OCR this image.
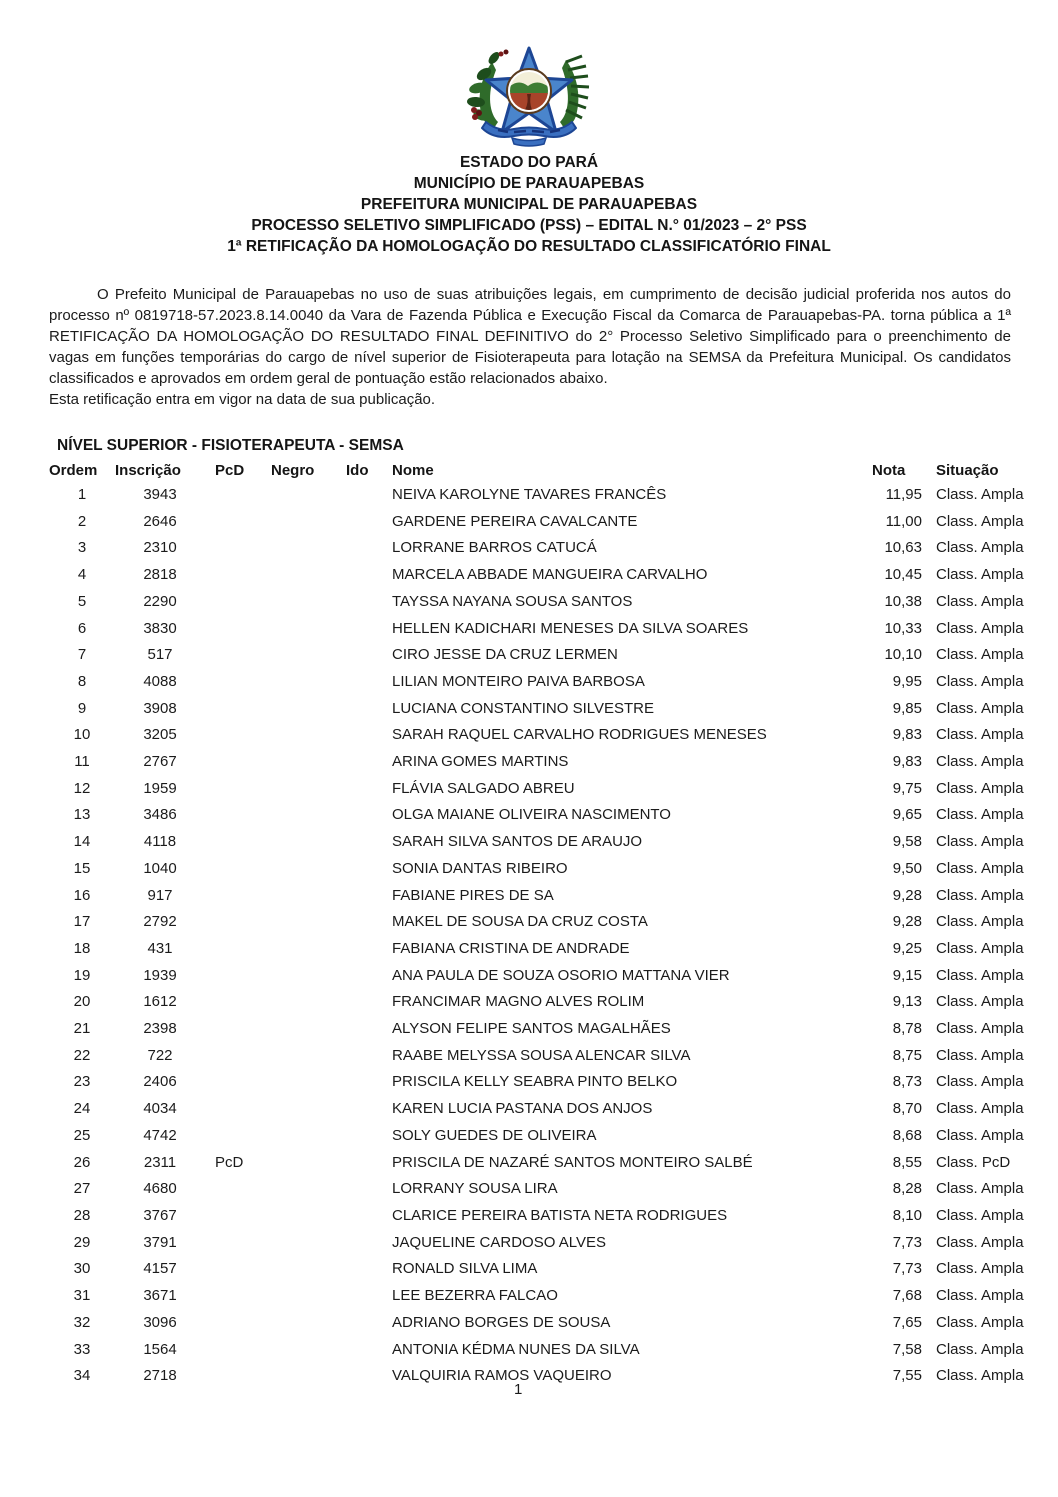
ESTADO DO PARÁ
MUNICÍPIO DE PARAUAPEBAS
PREFEITURA MUNICIPAL DE PARAUAPEBAS
PROCESSO SELETIVO SIMPLIFICADO (PSS) – EDITAL N.° 01/2023 – 2° PSS
1ª RETIFICAÇÃO DA HOMOLOGAÇÃO DO RESULTADO CLASSIFICATÓRIO FINAL

O Prefeito Municipal de Parauapebas no uso de suas atribuições legais, em cumprimento de decisão judicial proferida nos autos do processo nº 0819718-57.2023.8.14.0040 da Vara de Fazenda Pública e Execução Fiscal da Comarca de Parauapebas-PA. torna pública a 1ª RETIFICAÇÃO DA HOMOLOGAÇÃO DO RESULTADO FINAL DEFINITIVO do 2° Processo Seletivo Simplificado para o preenchimento de vagas em funções temporárias do cargo de nível superior de Fisioterapeuta para lotação na SEMSA da Prefeitura Municipal. Os candidatos classificados e aprovados em ordem geral de pontuação estão relacionados abaixo.

Esta retificação entra em vigor na data de sua publicação.

NÍVEL SUPERIOR - FISIOTERAPEUTA - SEMSA
Ordem	Inscrição	PcD	Negro	Ido	Nome	Nota	Situação
1	3943				NEIVA KAROLYNE TAVARES FRANCÊS	11,95	Class. Ampla
2	2646				GARDENE PEREIRA CAVALCANTE	11,00	Class. Ampla
3	2310				LORRANE BARROS CATUCÁ	10,63	Class. Ampla
4	2818				MARCELA ABBADE MANGUEIRA CARVALHO	10,45	Class. Ampla
5	2290				TAYSSA NAYANA SOUSA SANTOS	10,38	Class. Ampla
6	3830				HELLEN KADICHARI MENESES DA SILVA SOARES	10,33	Class. Ampla
7	517				CIRO JESSE DA CRUZ LERMEN	10,10	Class. Ampla
8	4088				LILIAN MONTEIRO PAIVA BARBOSA	9,95	Class. Ampla
9	3908				LUCIANA CONSTANTINO SILVESTRE	9,85	Class. Ampla
10	3205				SARAH RAQUEL CARVALHO RODRIGUES MENESES	9,83	Class. Ampla
11	2767				ARINA GOMES MARTINS	9,83	Class. Ampla
12	1959				FLÁVIA SALGADO ABREU	9,75	Class. Ampla
13	3486				OLGA MAIANE OLIVEIRA NASCIMENTO	9,65	Class. Ampla
14	4118				SARAH SILVA SANTOS DE ARAUJO	9,58	Class. Ampla
15	1040				SONIA DANTAS RIBEIRO	9,50	Class. Ampla
16	917				FABIANE PIRES DE SA	9,28	Class. Ampla
17	2792				MAKEL DE SOUSA DA CRUZ COSTA	9,28	Class. Ampla
18	431				FABIANA CRISTINA DE ANDRADE	9,25	Class. Ampla
19	1939				ANA PAULA DE SOUZA OSORIO MATTANA VIER	9,15	Class. Ampla
20	1612				FRANCIMAR MAGNO ALVES ROLIM	9,13	Class. Ampla
21	2398				ALYSON FELIPE SANTOS MAGALHÃES	8,78	Class. Ampla
22	722				RAABE MELYSSA SOUSA ALENCAR SILVA	8,75	Class. Ampla
23	2406				PRISCILA KELLY SEABRA PINTO BELKO	8,73	Class. Ampla
24	4034				KAREN LUCIA PASTANA DOS ANJOS	8,70	Class. Ampla
25	4742				SOLY GUEDES DE OLIVEIRA	8,68	Class. Ampla
26	2311	PcD			PRISCILA DE NAZARÉ SANTOS MONTEIRO SALBÉ	8,55	Class. PcD
27	4680				LORRANY SOUSA LIRA	8,28	Class. Ampla
28	3767				CLARICE PEREIRA BATISTA NETA RODRIGUES	8,10	Class. Ampla
29	3791				JAQUELINE CARDOSO ALVES	7,73	Class. Ampla
30	4157				RONALD SILVA LIMA	7,73	Class. Ampla
31	3671				LEE BEZERRA FALCAO	7,68	Class. Ampla
32	3096				ADRIANO BORGES DE SOUSA	7,65	Class. Ampla
33	1564				ANTONIA KÉDMA NUNES DA SILVA	7,58	Class. Ampla
34	2718				VALQUIRIA RAMOS VAQUEIRO	7,55	Class. Ampla
1
